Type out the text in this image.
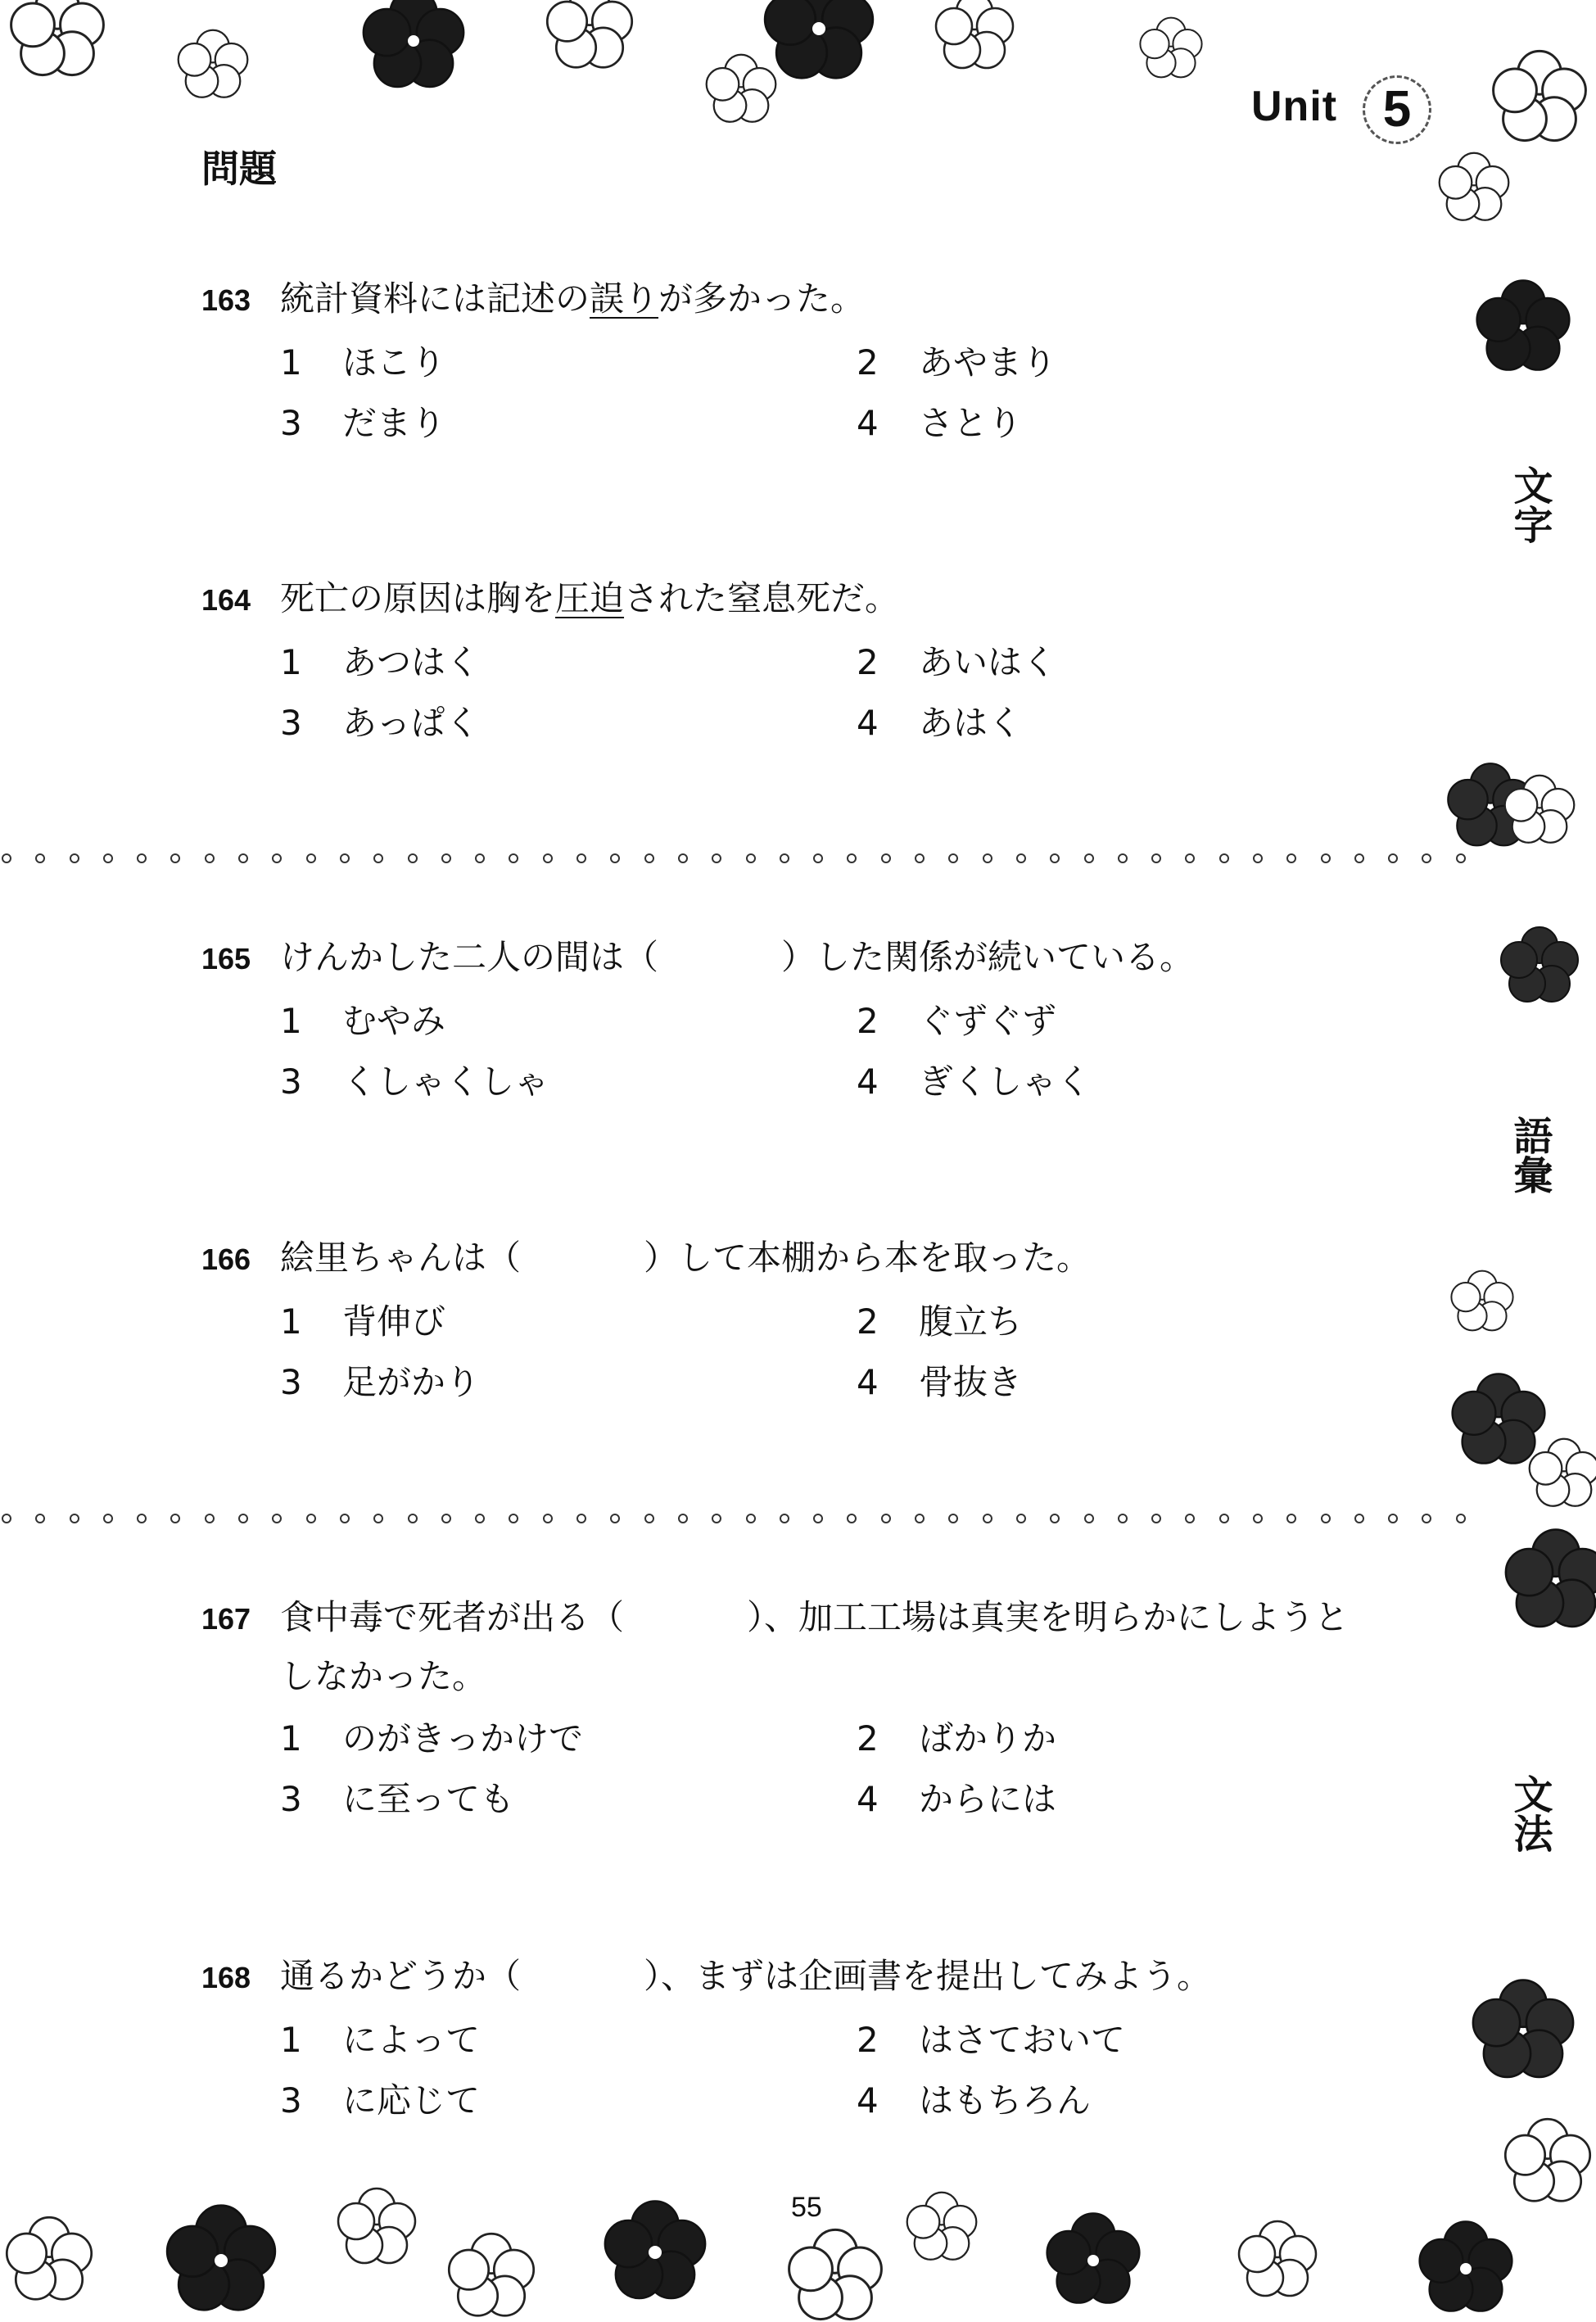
Unit 5
問題
文字
語彙
文法
163 統計資料には記述の誤りが多かった。
1 ほこり	2 あやまり
3 だまり	4 さとり
164 死亡の原因は胸を圧迫された窒息死だ。
1 あつはく	2 あいはく
3 あっぱく	4 あはく
165 けんかした二人の間は（	）した関係が続いている。
1 むやみ	2 ぐずぐず
3 くしゃくしゃ	4 ぎくしゃく
166 絵里ちゃんは（	）して本棚から本を取った。
1 背伸び	2 腹立ち
3 足がかり	4 骨抜き
167 食中毒で死者が出る（	）、加工工場は真実を明らかにしようと
しなかった。
1 のがきっかけで	2 ばかりか
3 に至っても	4 からには
168 通るかどうか（	）、まずは企画書を提出してみよう。
1 によって	2 はさておいて
3 に応じて	4 はもちろん
55
